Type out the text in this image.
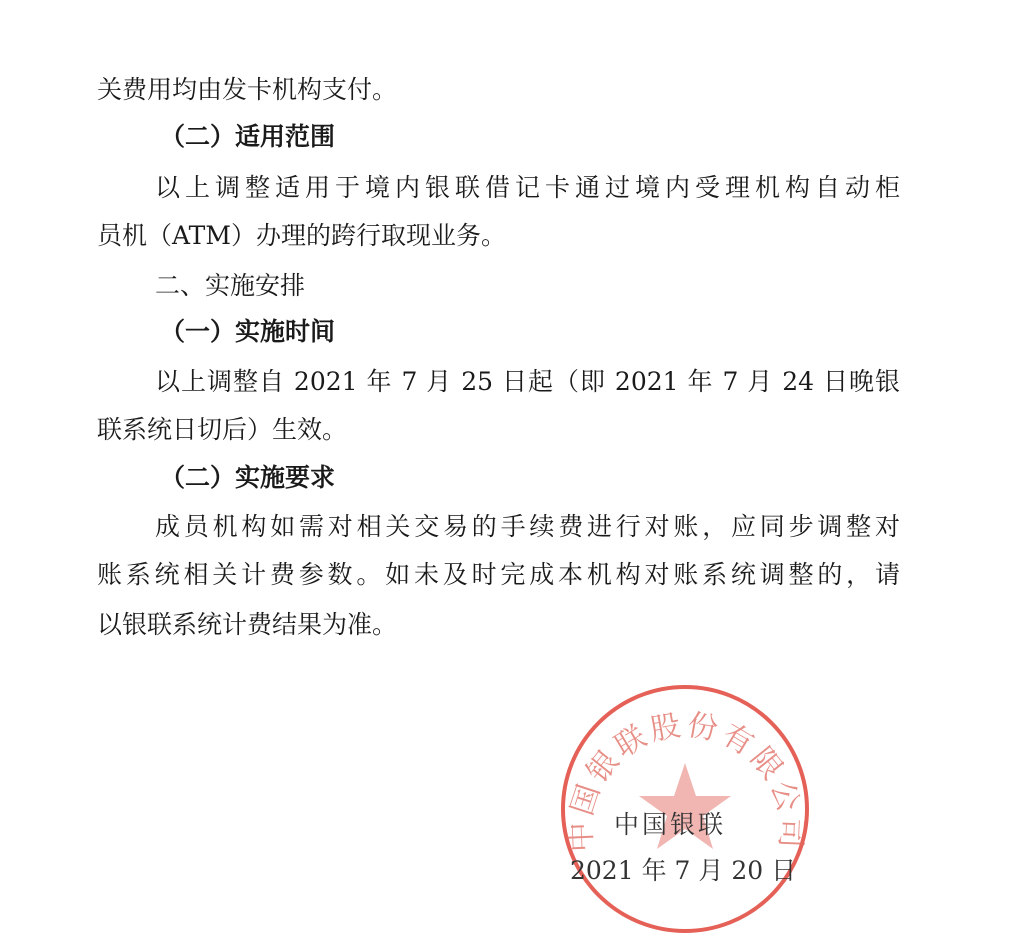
关费用均由发卡机构支付。
（二）适用范围
以上调整适用于境内银联借记卡通过境内受理机构自动柜
员机（ATM）办理的跨行取现业务。
二、实施安排
（一）实施时间
以上调整自 2021 年 7 月 25 日起（即 2021 年 7 月 24 日晚银
联系统日切后）生效。
（二）实施要求
成员机构如需对相关交易的手续费进行对账，应同步调整对
账系统相关计费参数。如未及时完成本机构对账系统调整的，请
以银联系统计费结果为准。
中国银联股份有限公司
中国银联
2021 年 7 月 20 日
